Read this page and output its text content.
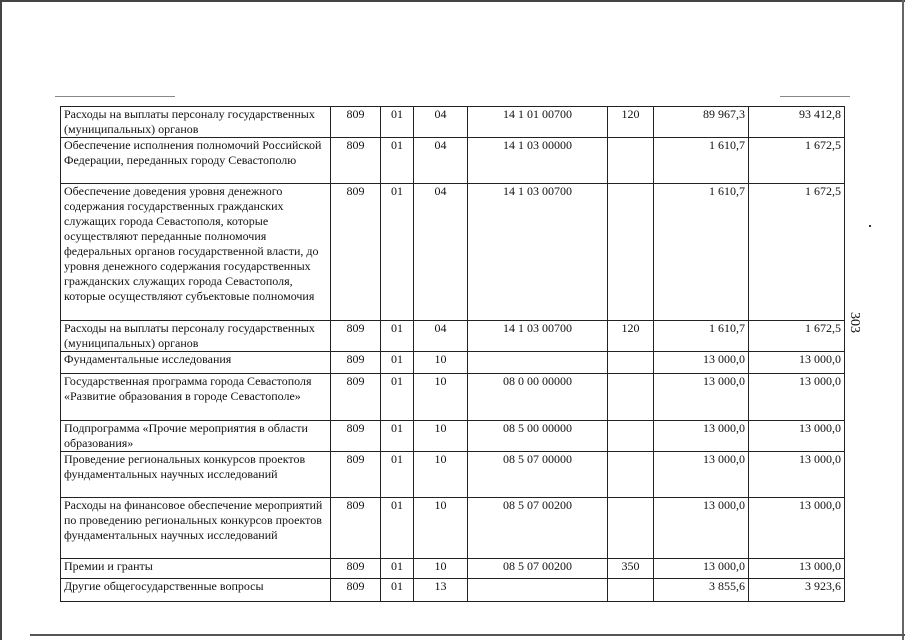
303
Расходы на выплаты персоналу государственных (муниципальных) органов	809	01	04	14 1 01 00700	120	89 967,3	93 412,8
Обеспечение исполнения полномочий Российской Федерации, переданных городу Севастополю	809	01	04	14 1 03 00000		1 610,7	1 672,5
Обеспечение доведения уровня денежного содержания государственных гражданских служащих города Севастополя, которые осуществляют переданные полномочия федеральных органов государственной власти, до уровня денежного содержания государственных гражданских служащих города Севастополя, которые осуществляют субъектовые полномочия	809	01	04	14 1 03 00700		1 610,7	1 672,5
Расходы на выплаты персоналу государственных (муниципальных) органов	809	01	04	14 1 03 00700	120	1 610,7	1 672,5
Фундаментальные исследования	809	01	10			13 000,0	13 000,0
Государственная программа города Севастополя «Развитие образования в городе Севастополе»	809	01	10	08 0 00 00000		13 000,0	13 000,0
Подпрограмма «Прочие мероприятия в области образования»	809	01	10	08 5 00 00000		13 000,0	13 000,0
Проведение региональных конкурсов проектов фундаментальных научных исследований	809	01	10	08 5 07 00000		13 000,0	13 000,0
Расходы на финансовое обеспечение мероприятий по проведению региональных конкурсов проектов фундаментальных научных исследований	809	01	10	08 5 07 00200		13 000,0	13 000,0
Премии и гранты	809	01	10	08 5 07 00200	350	13 000,0	13 000,0
Другие общегосударственные вопросы	809	01	13			3 855,6	3 923,6
